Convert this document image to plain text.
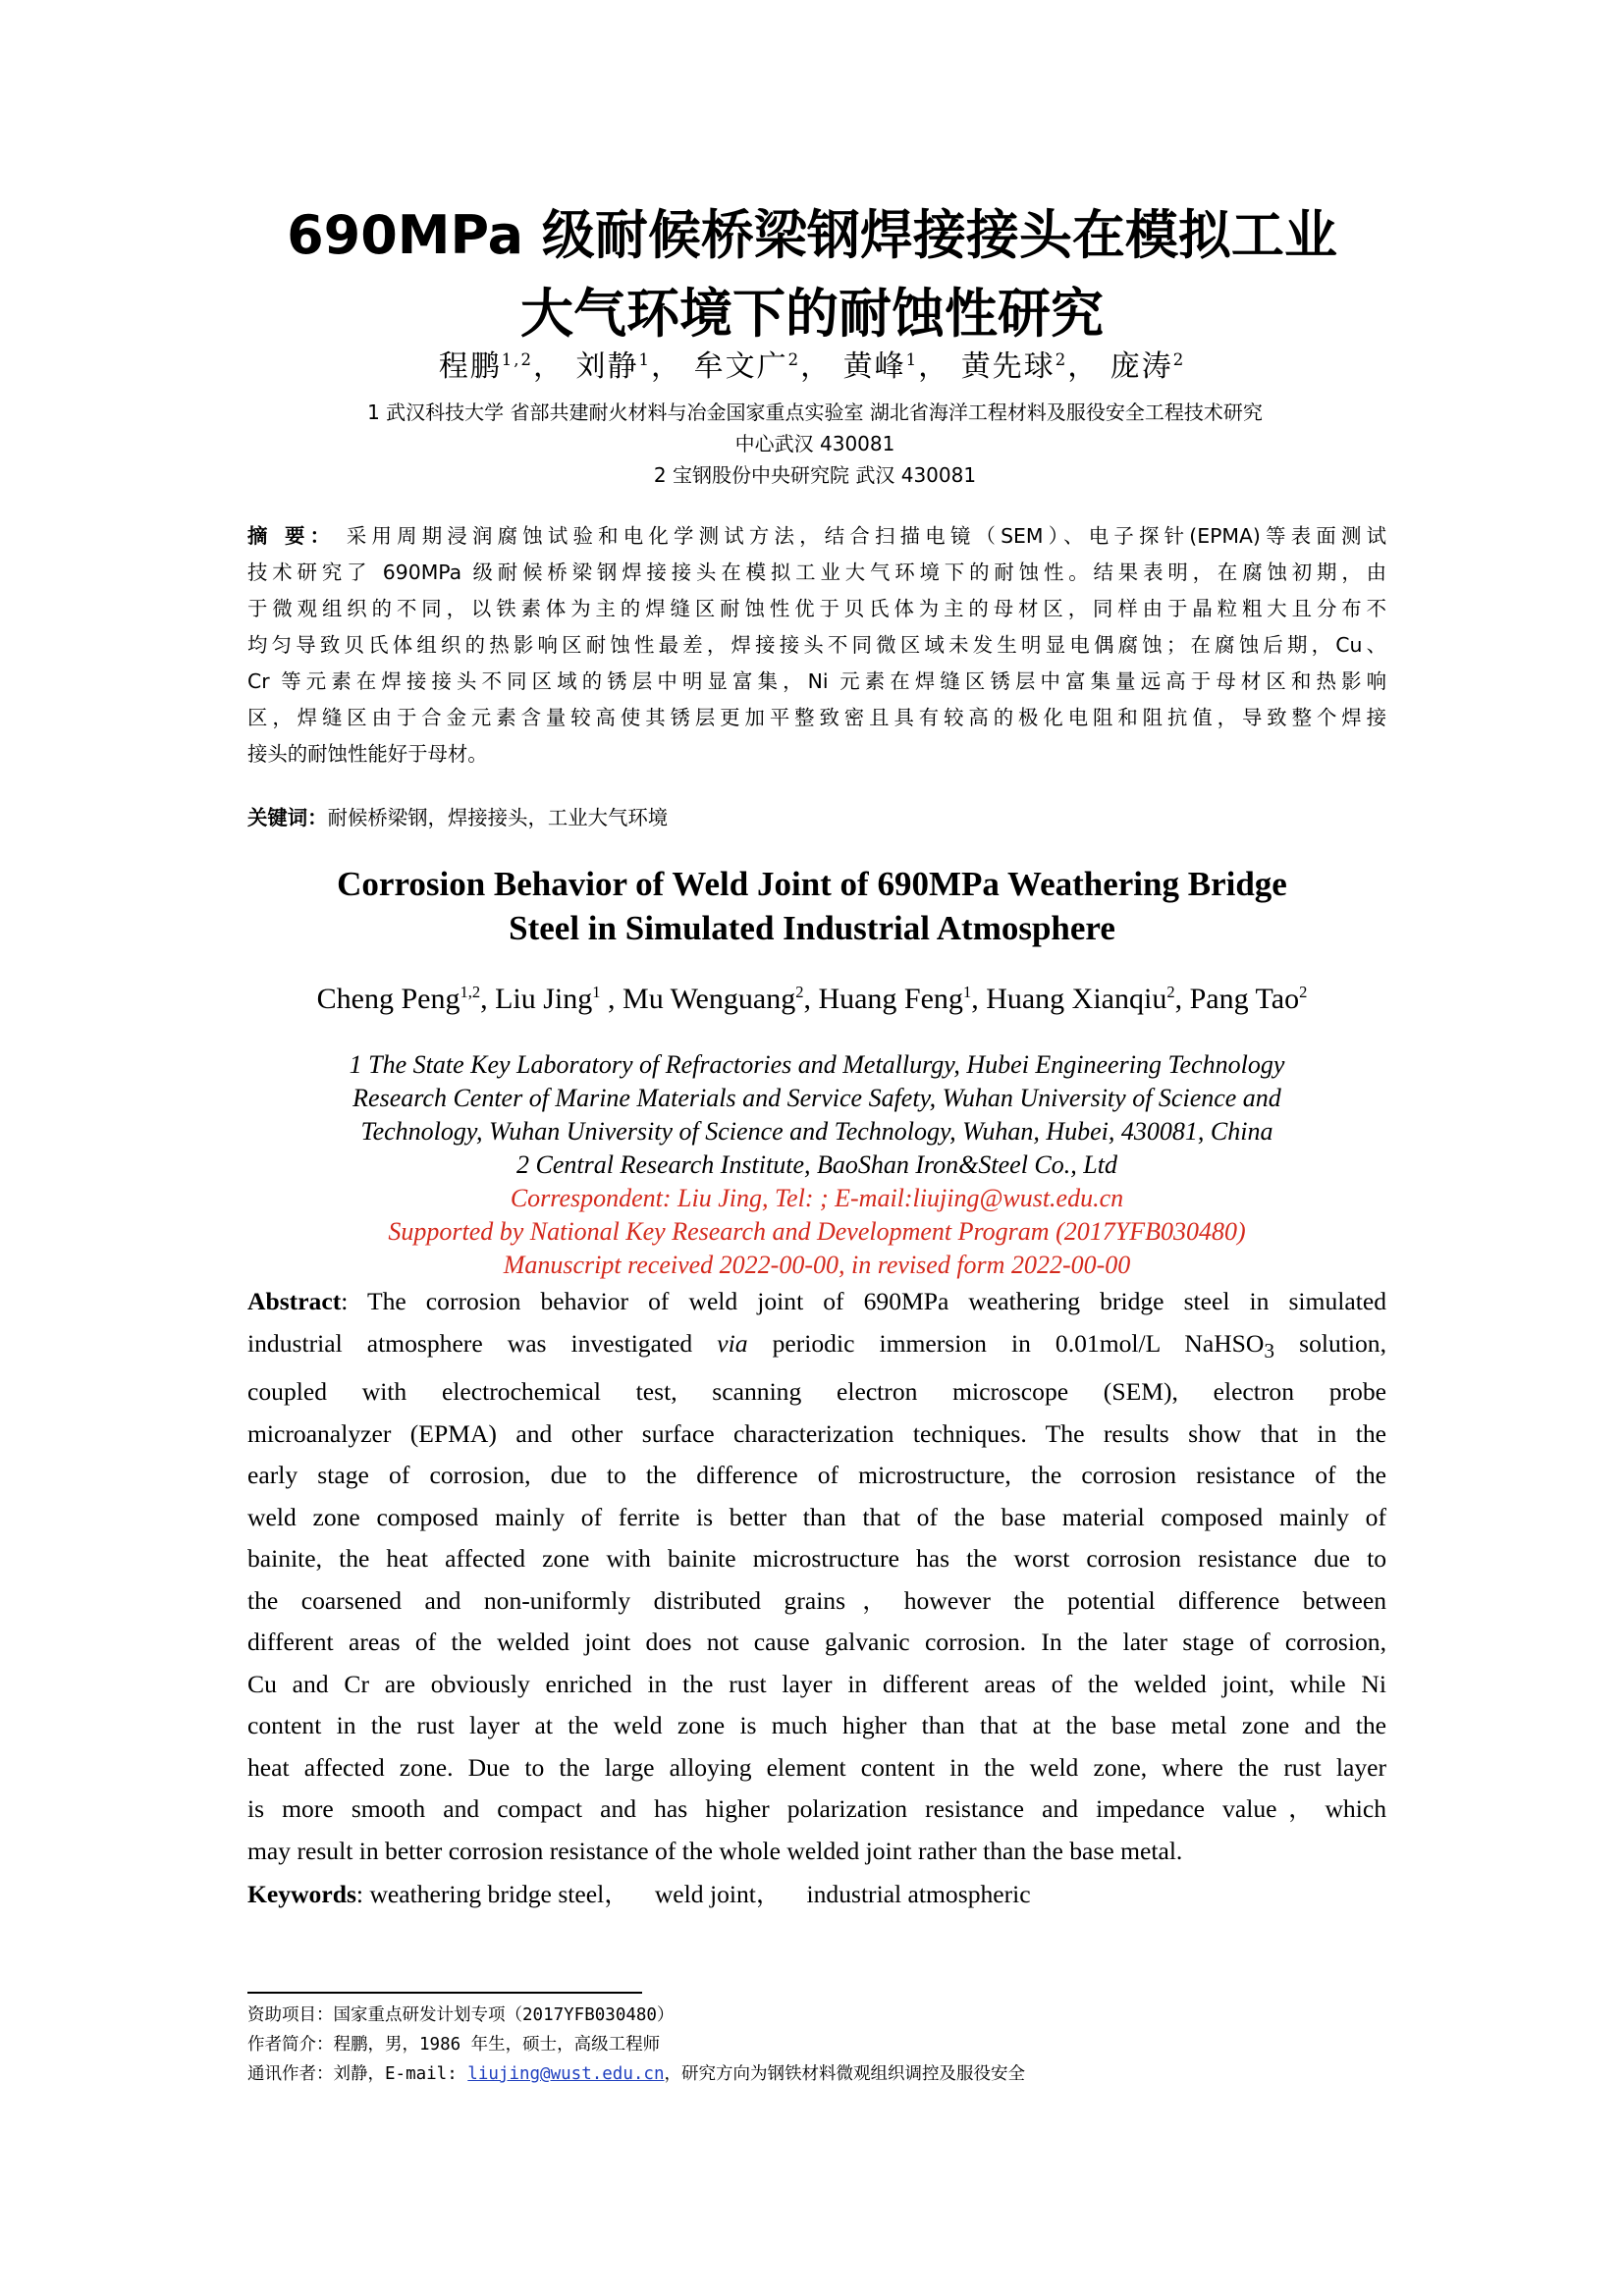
690MPa 级耐候桥梁钢焊接接头在模拟工业
大气环境下的耐蚀性研究
程鹏$^{1,2}$， 刘静$^1$， 牟文广$^2$， 黄峰$^1$， 黄先球$^2$， 庞涛$^2$
1 武汉科技大学 省部共建耐火材料与冶金国家重点实验室 湖北省海洋工程材料及服役安全工程技术研究
中心武汉 430081
2 宝钢股份中央研究院 武汉 430081
摘 要： 采用周期浸润腐蚀试验和电化学测试方法，结合扫描电镜（SEM）、电子探针(EPMA)等表面测试
技术研究了 690MPa 级耐候桥梁钢焊接接头在模拟工业大气环境下的耐蚀性。结果表明，在腐蚀初期，由
于微观组织的不同，以铁素体为主的焊缝区耐蚀性优于贝氏体为主的母材区，同样由于晶粒粗大且分布不
均匀导致贝氏体组织的热影响区耐蚀性最差，焊接接头不同微区域未发生明显电偶腐蚀；在腐蚀后期，Cu、
Cr 等元素在焊接接头不同区域的锈层中明显富集，Ni 元素在焊缝区锈层中富集量远高于母材区和热影响
区，焊缝区由于合金元素含量较高使其锈层更加平整致密且具有较高的极化电阻和阻抗值，导致整个焊接
接头的耐蚀性能好于母材。
关键词：耐候桥梁钢，焊接接头，工业大气环境
Corrosion Behavior of Weld Joint of 690MPa Weathering Bridge
Steel in Simulated Industrial Atmosphere
Cheng Peng$^{1,2}$, Liu Jing$^1$ , Mu Wenguang$^2$, Huang Feng$^1$, Huang Xianqiu$^2$, Pang Tao$^2$
1 The State Key Laboratory of Refractories and Metallurgy, Hubei Engineering Technology
Research Center of Marine Materials and Service Safety, Wuhan University of Science and
Technology, Wuhan University of Science and Technology, Wuhan, Hubei, 430081, China
2 Central Research Institute, BaoShan Iron&Steel Co., Ltd
Correspondent: Liu Jing, Tel: ; E-mail:liujing@wust.edu.cn
Supported by National Key Research and Development Program (2017YFB030480)
Manuscript received 2022-00-00, in revised form 2022-00-00
Abstract: The corrosion behavior of weld joint of 690MPa weathering bridge steel in simulated
industrial atmosphere was investigated via periodic immersion in 0.01mol/L NaHSO$_3$ solution,
coupled with electrochemical test, scanning electron microscope (SEM), electron probe
microanalyzer (EPMA) and other surface characterization techniques. The results show that in the
early stage of corrosion, due to the difference of microstructure, the corrosion resistance of the
weld zone composed mainly of ferrite is better than that of the base material composed mainly of
bainite, the heat affected zone with bainite microstructure has the worst corrosion resistance due to
the coarsened and non-uniformly distributed grains，however the potential difference between
different areas of the welded joint does not cause galvanic corrosion. In the later stage of corrosion,
Cu and Cr are obviously enriched in the rust layer in different areas of the welded joint, while Ni
content in the rust layer at the weld zone is much higher than that at the base metal zone and the
heat affected zone. Due to the large alloying element content in the weld zone, where the rust layer
is more smooth and compact and has higher polarization resistance and impedance value，which
may result in better corrosion resistance of the whole welded joint rather than the base metal.
Keywords: weathering bridge steel， weld joint， industrial atmospheric
资助项目：国家重点研发计划专项（2017YFB030480）
作者简介：程鹏，男，1986 年生，硕士，高级工程师
通讯作者：刘静，E-mail: liujing@wust.edu.cn，研究方向为钢铁材料微观组织调控及服役安全
